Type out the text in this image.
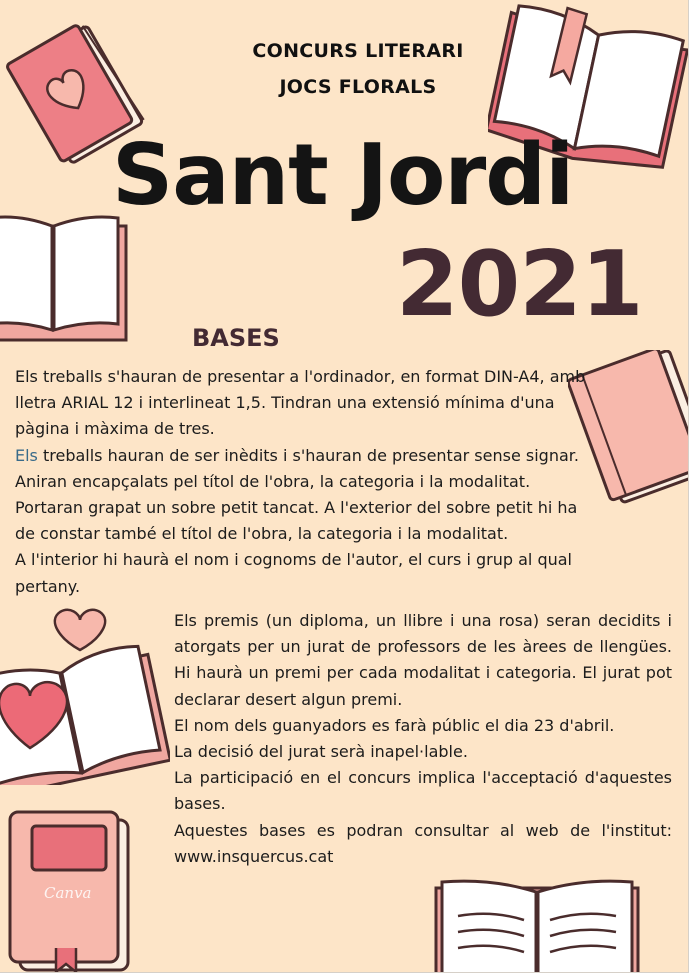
Canva
CONCURS LITERARI
JOCS FLORALS
Sant Jordi
2021
BASES
Els treballs s'hauran de presentar a l'ordinador, en format DIN-A4, amb
lletra ARIAL 12 i interlineat 1,5. Tindran una extensió mínima d'una
pàgina i màxima de tres.
Els treballs hauran de ser inèdits i s'hauran de presentar sense signar.
Aniran encapçalats pel títol de l'obra, la categoria i la modalitat.
Portaran grapat un sobre petit tancat. A l'exterior del sobre petit hi ha
de constar també el títol de l'obra, la categoria i la modalitat.
A l'interior hi haurà el nom i cognoms de l'autor, el curs i grup al qual
pertany.
Els premis (un diploma, un llibre i una rosa) seran decidits i
atorgats per un jurat de professors de les àrees de llengües.
Hi haurà un premi per cada modalitat i categoria. El jurat pot
declarar desert algun premi.
El nom dels guanyadors es farà públic el dia 23 d'abril.
La decisió del jurat serà inapel·lable.
La participació en el concurs implica l'acceptació d'aquestes
bases.
Aquestes bases es podran consultar al web de l'institut:
www.insquercus.cat
